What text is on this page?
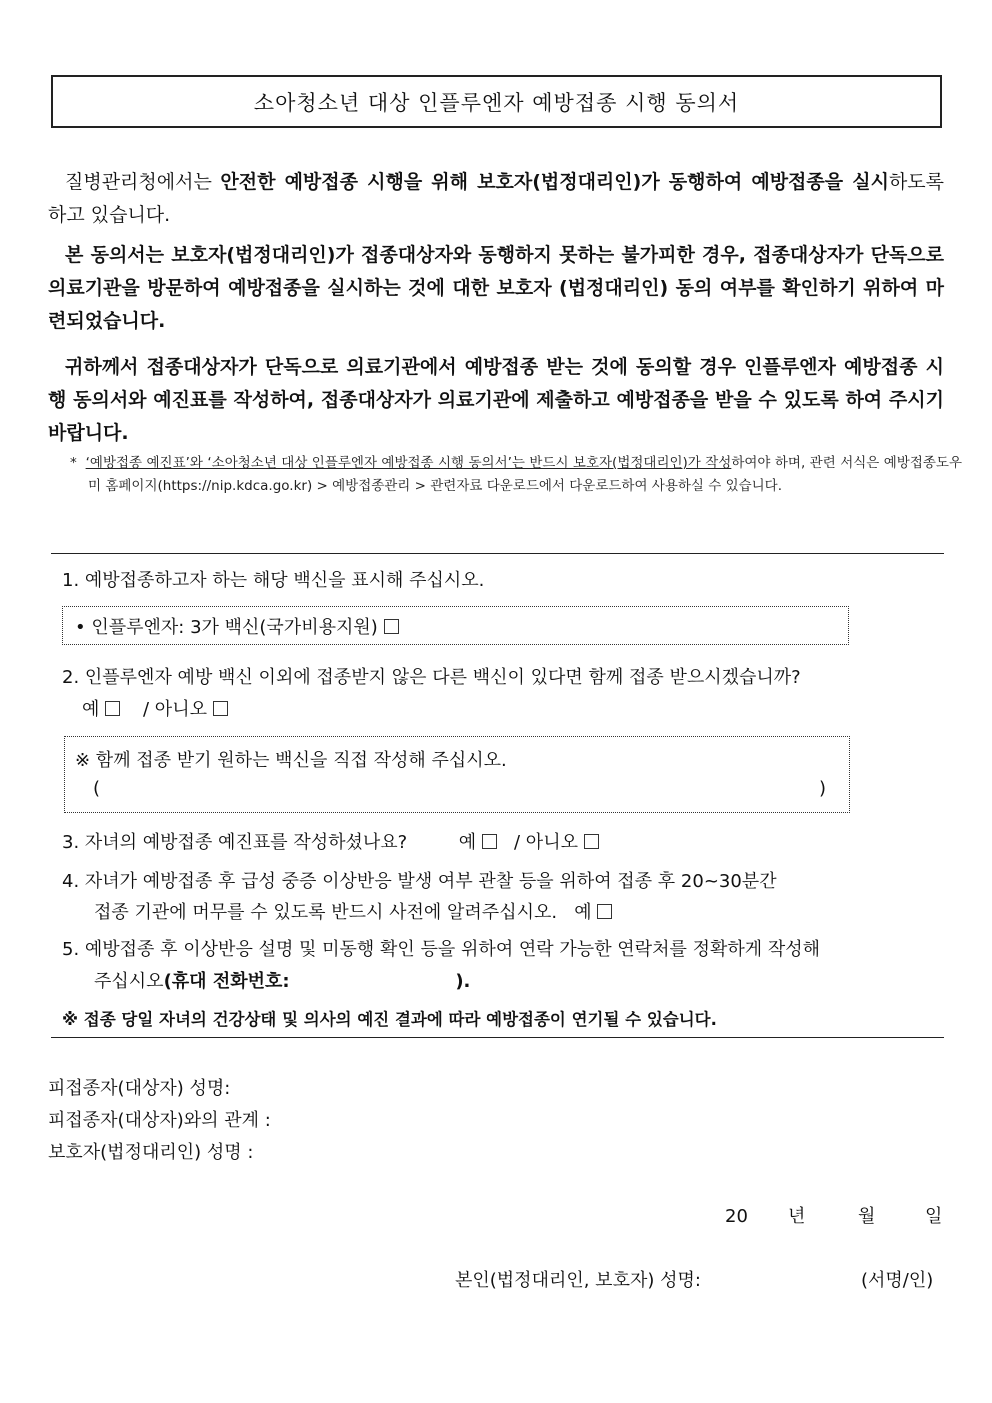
소아청소년 대상 인플루엔자 예방접종 시행 동의서
질병관리청에서는 안전한 예방접종 시행을 위해 보호자(법정대리인)가 동행하여 예방접종을 실시하도록 하고 있습니다.
본 동의서는 보호자(법정대리인)가 접종대상자와 동행하지 못하는 불가피한 경우, 접종대상자가 단독으로 의료기관을 방문하여 예방접종을 실시하는 것에 대한 보호자 (법정대리인) 동의 여부를 확인하기 위하여 마련되었습니다.
귀하께서 접종대상자가 단독으로 의료기관에서 예방접종 받는 것에 동의할 경우 인플루엔자 예방접종 시행 동의서와 예진표를 작성하여, 접종대상자가 의료기관에 제출하고 예방접종을 받을 수 있도록 하여 주시기 바랍니다.
* ‘예방접종 예진표’와 ‘소아청소년 대상 인플루엔자 예방접종 시행 동의서’는 반드시 보호자(법정대리인)가 작성하여야 하며, 관련 서식은 예방접종도우미 홈페이지(https://nip.kdca.go.kr) > 예방접종관리 > 관련자료 다운로드에서 다운로드하여 사용하실 수 있습니다.
1. 예방접종하고자 하는 해당 백신을 표시해 주십시오.
• 인플루엔자: 3가 백신(국가비용지원)
2. 인플루엔자 예방 백신 이외에 접종받지 않은 다른 백신이 있다면 함께 접종 받으시겠습니까?
예 / 아니오
※ 함께 접종 받기 원하는 백신을 직접 작성해 주십시오.
(	)
3. 자녀의 예방접종 예진표를 작성하셨나요?	예 / 아니오
4. 자녀가 예방접종 후 급성 중증 이상반응 발생 여부 관찰 등을 위하여 접종 후 20~30분간
접종 기관에 머무를 수 있도록 반드시 사전에 알려주십시오. 예
5. 예방접종 후 이상반응 설명 및 미동행 확인 등을 위하여 연락 가능한 연락처를 정확하게 작성해
주십시오(휴대 전화번호:	).
※ 접종 당일 자녀의 건강상태 및 의사의 예진 결과에 따라 예방접종이 연기될 수 있습니다.
피접종자(대상자) 성명:
피접종자(대상자)와의 관계 :
보호자(법정대리인) 성명 :
20 년	월	일
본인(법정대리인, 보호자) 성명:	(서명/인)
